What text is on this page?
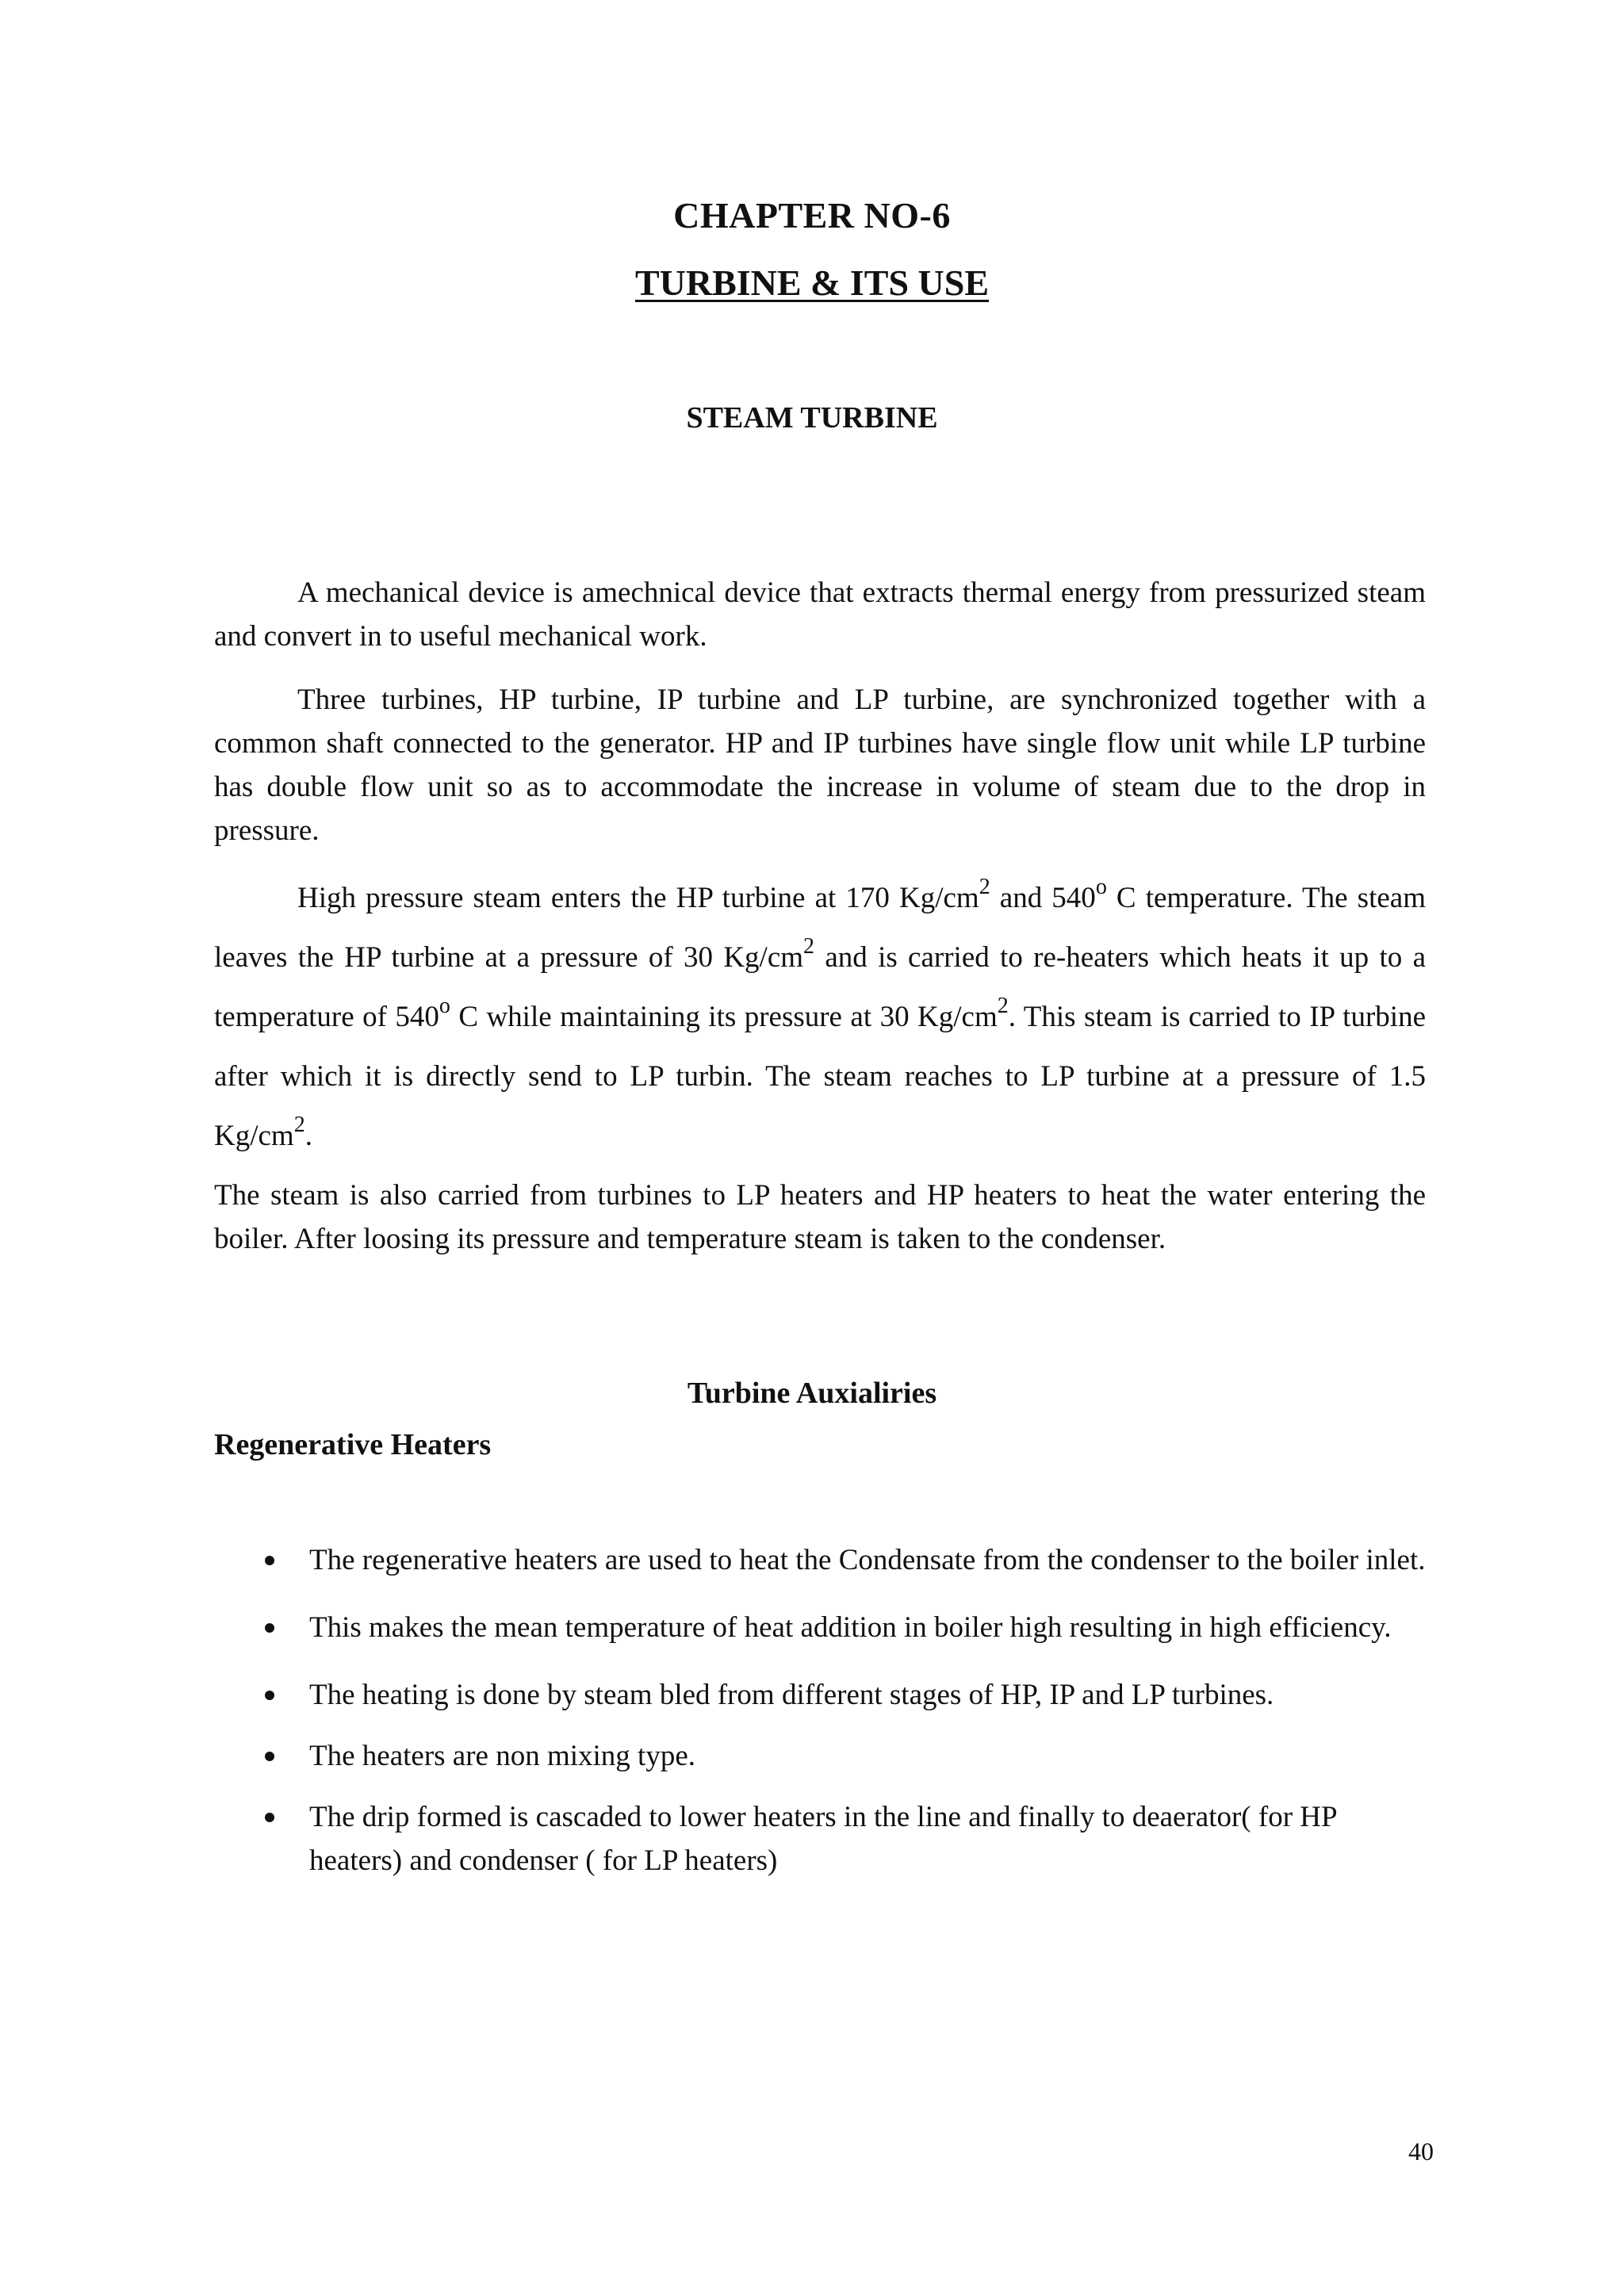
CHAPTER NO-6
TURBINE & ITS USE
STEAM TURBINE

A mechanical device is amechnical device that extracts thermal energy from pressurized steam and convert in to useful mechanical work.

Three turbines, HP turbine, IP turbine and LP turbine, are synchronized together with a common shaft connected to the generator. HP and IP turbines have single flow unit while LP turbine has double flow unit so as to accommodate the increase in volume of steam due to the drop in pressure.

High pressure steam enters the HP turbine at 170 $Kg/cm^2$ and 540$^o$ C temperature. The steam leaves the HP turbine at a pressure of 30 $Kg/cm^2$ and is carried to re-heaters which heats it up to a temperature of 540$^o$ C while maintaining its pressure at 30 $Kg/cm^2$. This steam is carried to IP turbine after which it is directly send to LP turbin. The steam reaches to LP turbine at a pressure of 1.5 $Kg/cm^2$.

The steam is also carried from turbines to LP heaters and HP heaters to heat the water entering the boiler. After loosing its pressure and temperature steam is taken to the condenser.

Turbine Auxialiries
Regenerative Heaters
The regenerative heaters are used to heat the Condensate from the condenser to the boiler inlet.
This makes the mean temperature of heat addition in boiler high resulting in high efficiency.
The heating is done by steam bled from different stages of HP, IP and LP turbines.
The heaters are non mixing type.
The drip formed is cascaded to lower heaters in the line and finally to deaerator( for HP heaters) and condenser ( for LP heaters)
40
